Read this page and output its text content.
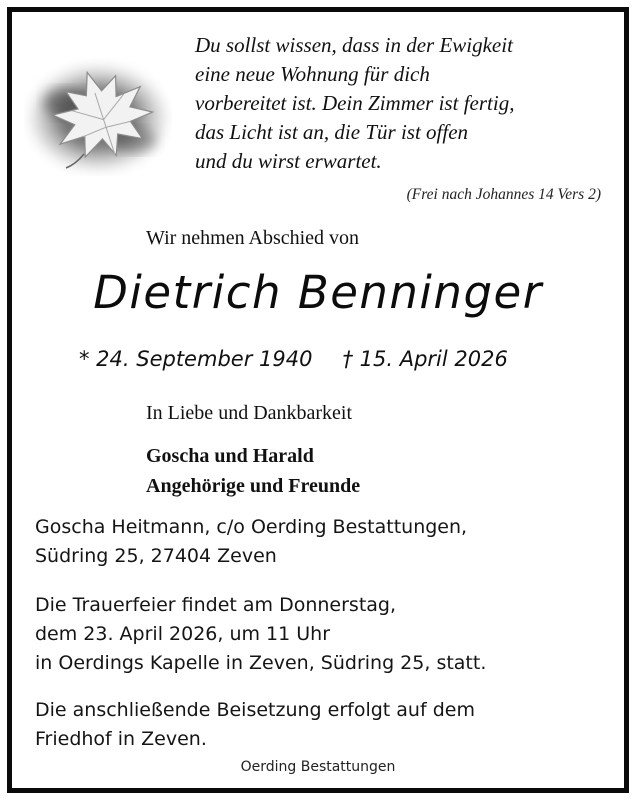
Du sollst wissen, dass in der Ewigkeit
eine neue Wohnung für dich
vorbereitet ist. Dein Zimmer ist fertig,
das Licht ist an, die Tür ist offen
und du wirst erwartet.
(Frei nach Johannes 14 Vers 2)
Wir nehmen Abschied von
Dietrich Benninger
* 24. September 1940 † 15. April 2026
In Liebe und Dankbarkeit
Goscha und Harald
Angehörige und Freunde
Goscha Heitmann, c/o Oerding Bestattungen,
Südring 25, 27404 Zeven
Die Trauerfeier findet am Donnerstag,
dem 23. April 2026, um 11 Uhr
in Oerdings Kapelle in Zeven, Südring 25, statt.
Die anschließende Beisetzung erfolgt auf dem
Friedhof in Zeven.
Oerding Bestattungen
